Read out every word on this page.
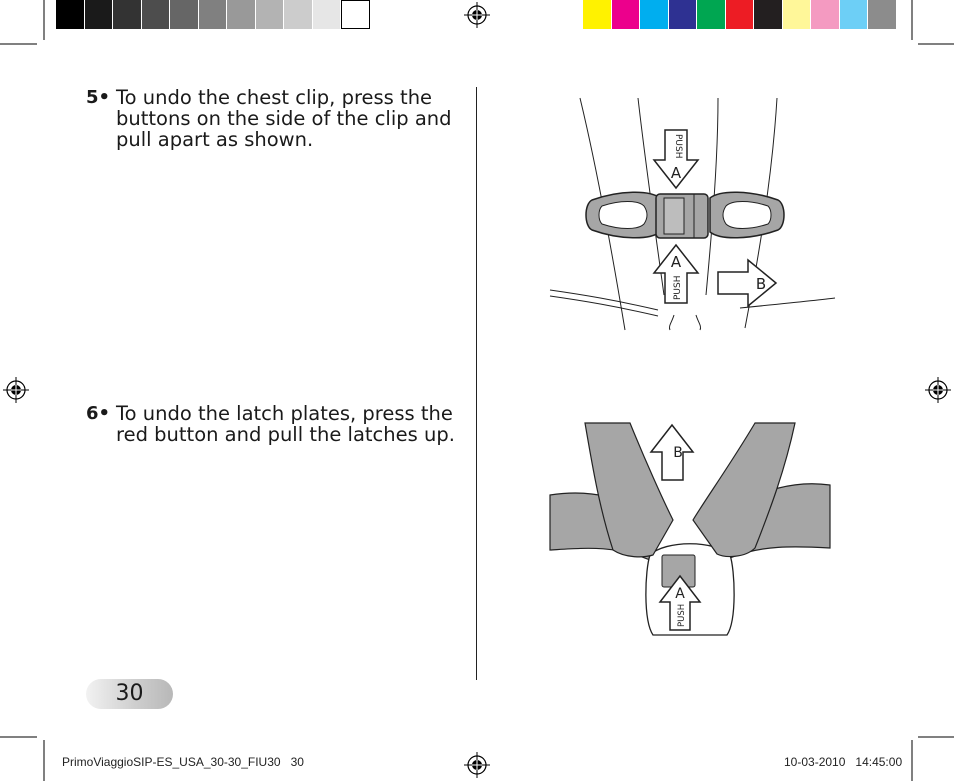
5• To undo the chest clip, press the buttons on the side of the clip and pull apart as shown.
6• To undo the latch plates, press the red button and pull the latches up.
PUSH
A
A
PUSH	B
B
A
PUSH
30
PrimoViaggioSIP-ES_USA_30-30_FIU30 30	10-03-2010 14:45:00
